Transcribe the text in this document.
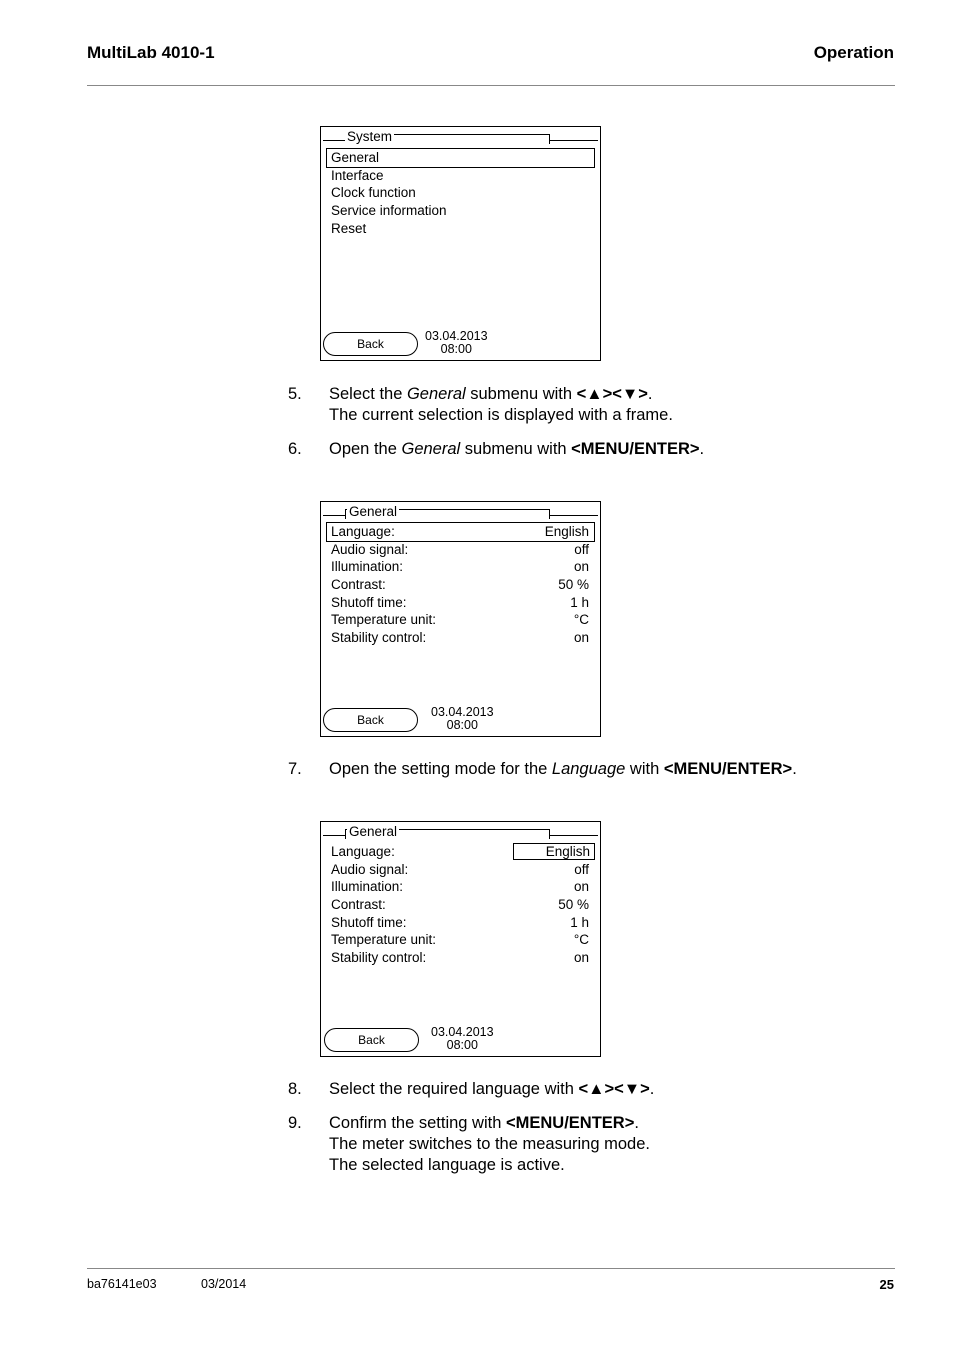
MultiLab 4010-1	Operation
System
General
Interface
Clock function
Service information
Reset
Back
03.04.2013
08:00
5. Select the General submenu with <▲><▼>.
The current selection is displayed with a frame.
6. Open the General submenu with <MENU/ENTER>.
General
Language:	English
Audio signal:	off
Illumination:	on
Contrast:	50 %
Shutoff time:	1 h
Temperature unit:	°C
Stability control:	on
Back
03.04.2013
08:00
7. Open the setting mode for the Language with <MENU/ENTER>.
General
Language:	English
Audio signal:	off
Illumination:	on
Contrast:	50 %
Shutoff time:	1 h
Temperature unit:	°C
Stability control:	on
Back
03.04.2013
08:00
8. Select the required language with <▲><▼>.
9. Confirm the setting with <MENU/ENTER>.
The meter switches to the measuring mode.
The selected language is active.
ba76141e03	03/2014	25
